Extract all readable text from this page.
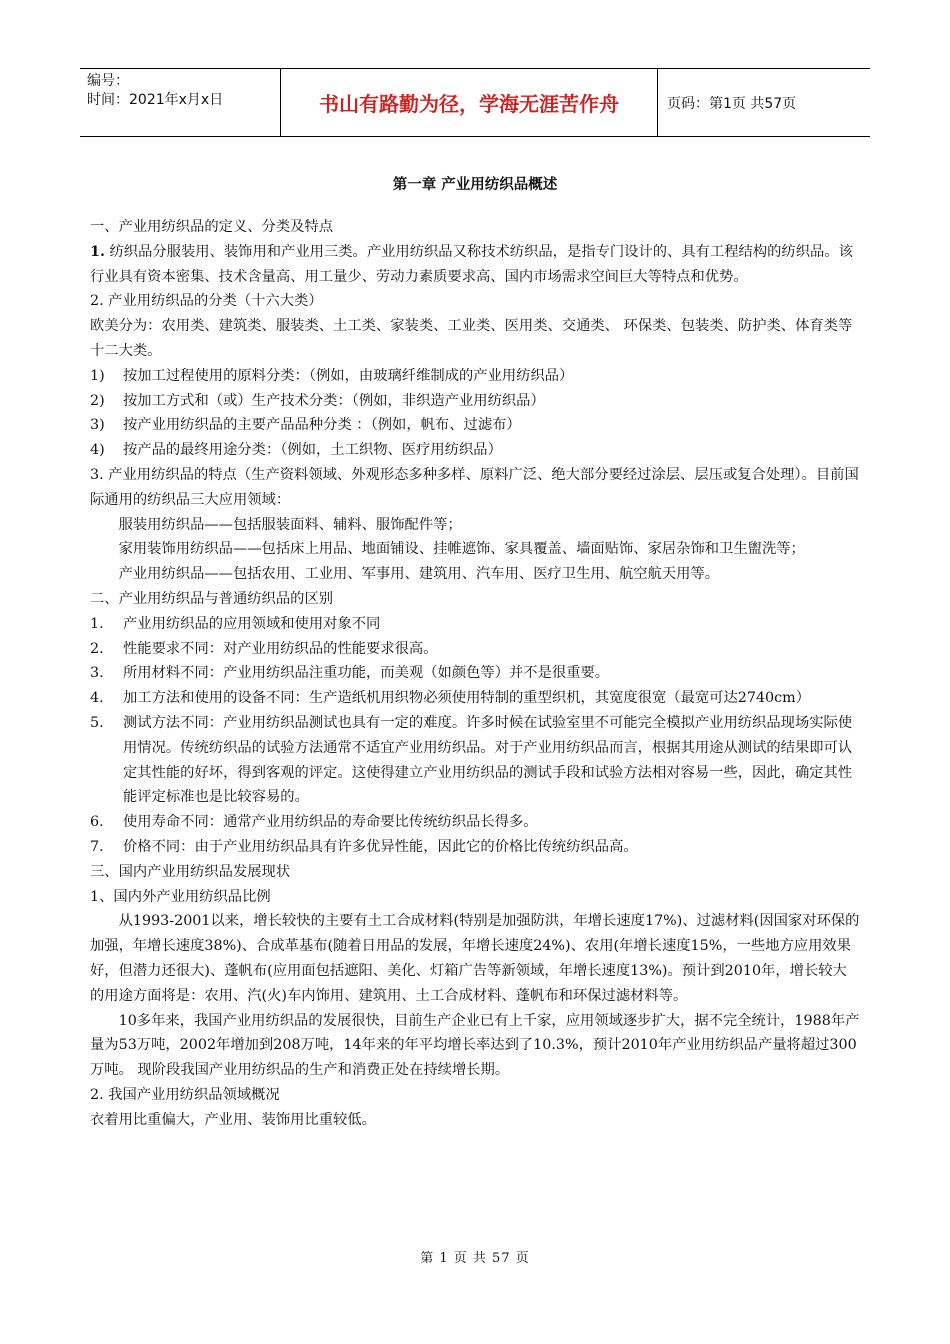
编号：
时间：2021年x月x日	书山有路勤为径，学海无涯苦作舟	页码：第1页 共57页
第一章 产业用纺织品概述

一、产业用纺织品的定义、分类及特点

1. 纺织品分服装用、装饰用和产业用三类。产业用纺织品又称技术纺织品，是指专门设计的、具有工程结构的纺织品。该行业具有资本密集、技术含量高、用工量少、劳动力素质要求高、国内市场需求空间巨大等特点和优势。

2. 产业用纺织品的分类（十六大类）

欧美分为：农用类、建筑类、服装类、土工类、家装类、工业类、医用类、交通类、 环保类、包装类、防护类、体育类等十二大类。

1)	按加工过程使用的原料分类：（例如，由玻璃纤维制成的产业用纺织品）
2)	按加工方式和（或）生产技术分类：（例如，非织造产业用纺织品）
3)	按产业用纺织品的主要产品品种分类 ：（例如，帆布、过滤布）
4)	按产品的最终用途分类：（例如，土工织物、医疗用纺织品）

3. 产业用纺织品的特点（生产资料领域、外观形态多种多样、原料广泛、绝大部分要经过涂层、层压或复合处理）。目前国际通用的纺织品三大应用领域：

服装用纺织品——包括服装面料、辅料、服饰配件等；

家用装饰用纺织品——包括床上用品、地面铺设、挂帷遮饰、家具覆盖、墙面贴饰、家居杂饰和卫生盥洗等；

产业用纺织品——包括农用、工业用、军事用、建筑用、汽车用、医疗卫生用、航空航天用等。

二、产业用纺织品与普通纺织品的区别

1.	产业用纺织品的应用领域和使用对象不同
2.	性能要求不同：对产业用纺织品的性能要求很高。
3.	所用材料不同：产业用纺织品注重功能，而美观（如颜色等）并不是很重要。
4.	加工方法和使用的设备不同：生产造纸机用织物必须使用特制的重型织机，其宽度很宽（最宽可达2740cm）
5.	测试方法不同：产业用纺织品测试也具有一定的难度。许多时候在试验室里不可能完全模拟产业用纺织品现场实际使用情况。传统纺织品的试验方法通常不适宜产业用纺织品。对于产业用纺织品而言，根据其用途从测试的结果即可认定其性能的好坏，得到客观的评定。这使得建立产业用纺织品的测试手段和试验方法相对容易一些，因此，确定其性能评定标准也是比较容易的。
6.	使用寿命不同：通常产业用纺织品的寿命要比传统纺织品长得多。
7.	价格不同：由于产业用纺织品具有许多优异性能，因此它的价格比传统纺织品高。

三、国内产业用纺织品发展现状

1、国内外产业用纺织品比例

从1993-2001以来，增长较快的主要有土工合成材料(特别是加强防洪，年增长速度17%)、过滤材料(因国家对环保的加强，年增长速度38%)、合成革基布(随着日用品的发展，年增长速度24%)、农用(年增长速度15%，一些地方应用效果好，但潜力还很大)、蓬帆布(应用面包括遮阳、美化、灯箱广告等新领域，年增长速度13%)。预计到2010年，增长较大的用途方面将是：农用、汽(火)车内饰用、建筑用、土工合成材料、蓬帆布和环保过滤材料等。

10多年来，我国产业用纺织品的发展很快，目前生产企业已有上千家，应用领域逐步扩大，据不完全统计，1988年产量为53万吨，2002年增加到208万吨，14年来的年平均增长率达到了10.3%，预计2010年产业用纺织品产量将超过300万吨。 现阶段我国产业用纺织品的生产和消费正处在持续增长期。

2. 我国产业用纺织品领域概况

衣着用比重偏大，产业用、装饰用比重较低。

第 1 页 共 57 页
